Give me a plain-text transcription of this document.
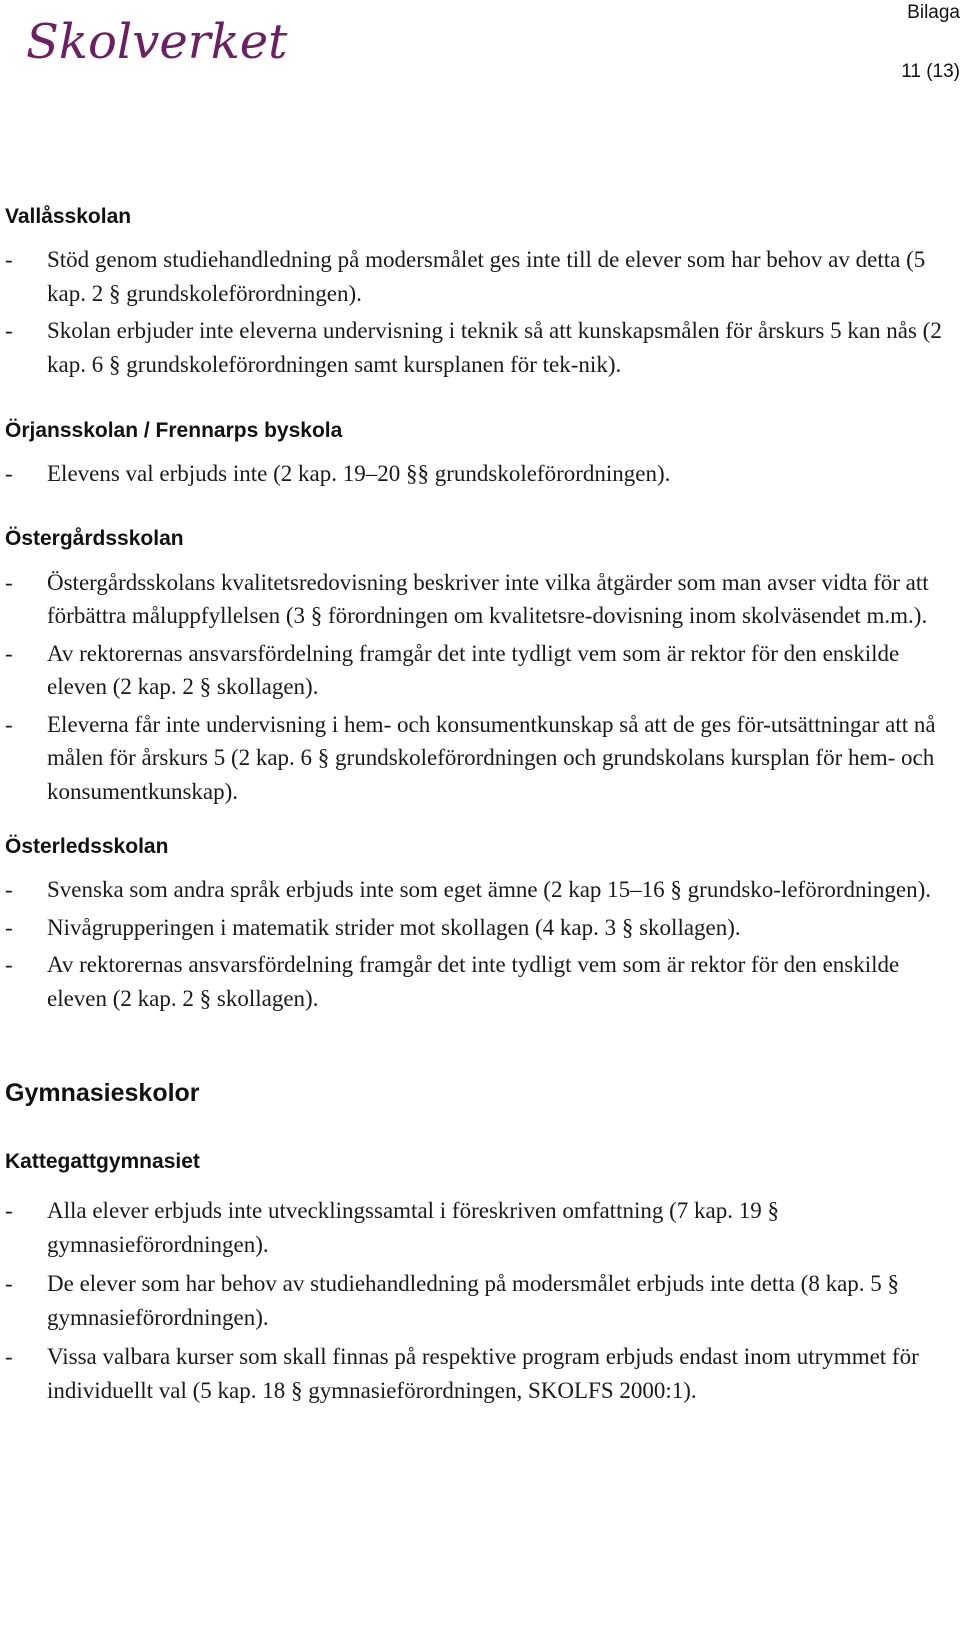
Skolverket
Bilaga
11 (13)
Vallåsskolan
- Stöd genom studiehandledning på modersmålet ges inte till de elever som har behov av detta (5 kap. 2 § grundskoleförordningen).
- Skolan erbjuder inte eleverna undervisning i teknik så att kunskapsmålen för årskurs 5 kan nås (2 kap. 6 § grundskoleförordningen samt kursplanen för tek-nik).
Örjansskolan / Frennarps byskola
- Elevens val erbjuds inte (2 kap. 19–20 §§ grundskoleförordningen).
Östergårdsskolan
- Östergårdsskolans kvalitetsredovisning beskriver inte vilka åtgärder som man avser vidta för att förbättra måluppfyllelsen (3 § förordningen om kvalitetsre-dovisning inom skolväsendet m.m.).
- Av rektorernas ansvarsfördelning framgår det inte tydligt vem som är rektor för den enskilde eleven (2 kap. 2 § skollagen).
- Eleverna får inte undervisning i hem- och konsumentkunskap så att de ges för-utsättningar att nå målen för årskurs 5 (2 kap. 6 § grundskoleförordningen och grundskolans kursplan för hem- och konsumentkunskap).
Österledsskolan
- Svenska som andra språk erbjuds inte som eget ämne (2 kap 15–16 § grundsko-leförordningen).
- Nivågrupperingen i matematik strider mot skollagen (4 kap. 3 § skollagen).
- Av rektorernas ansvarsfördelning framgår det inte tydligt vem som är rektor för den enskilde eleven (2 kap. 2 § skollagen).
Gymnasieskolor
Kattegattgymnasiet
- Alla elever erbjuds inte utvecklingssamtal i föreskriven omfattning (7 kap. 19 § gymnasieförordningen).
- De elever som har behov av studiehandledning på modersmålet erbjuds inte detta (8 kap. 5 § gymnasieförordningen).
- Vissa valbara kurser som skall finnas på respektive program erbjuds endast inom utrymmet för individuellt val (5 kap. 18 § gymnasieförordningen, SKOLFS 2000:1).
